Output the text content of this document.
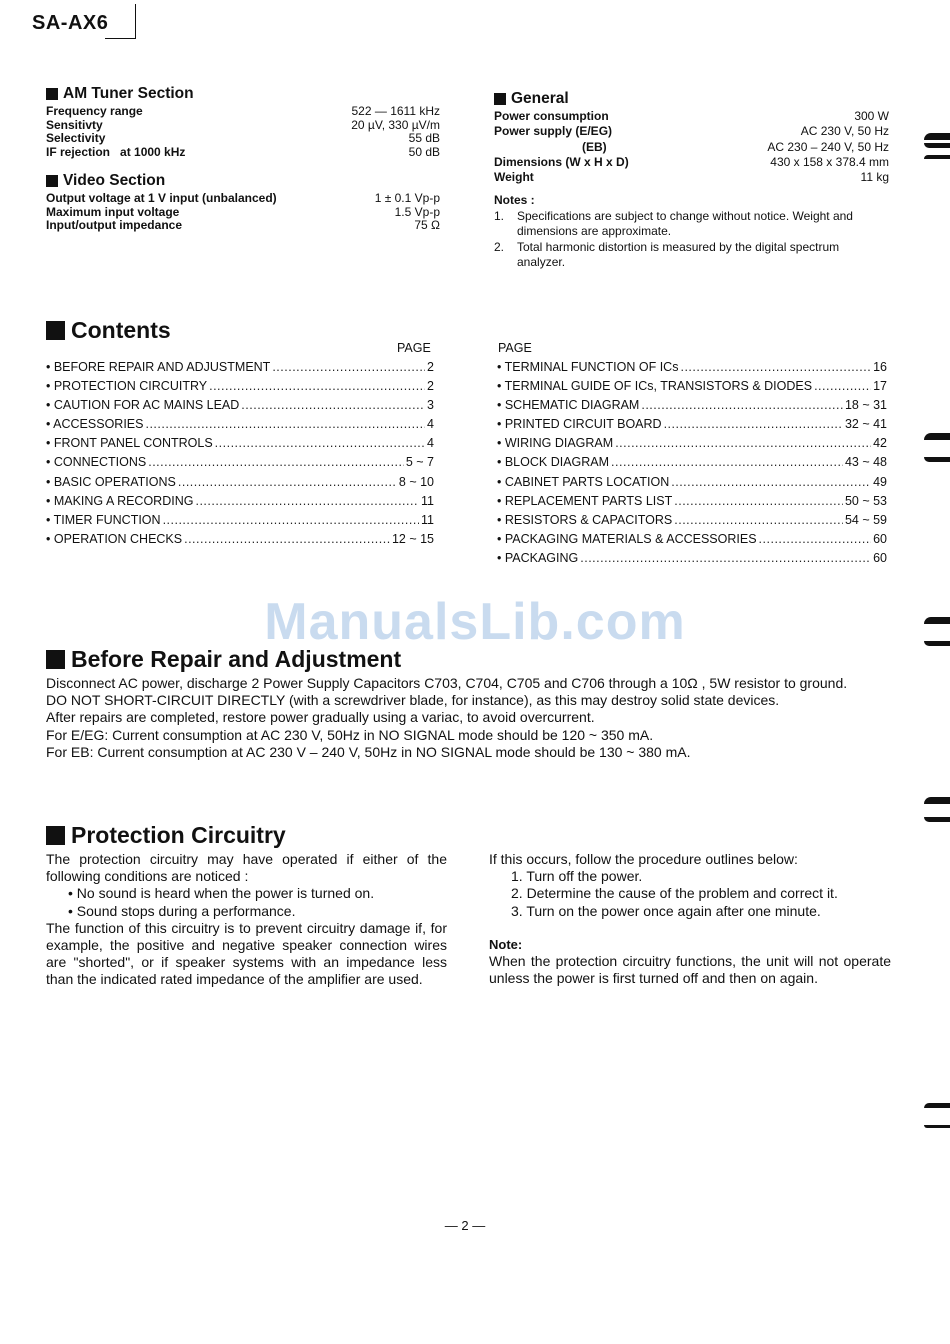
SA-AX6
AM Tuner Section
Frequency range	522 — 1611 kHz
Sensitivty	20 µV, 330 µV/m
Selectivity	55 dB
IF rejection   at 1000 kHz	50 dB
Video Section
Output voltage at 1 V input (unbalanced)	1 ± 0.1 Vp-p
Maximum input voltage	1.5 Vp-p
Input/output impedance	75 Ω
General
Power consumption	300 W
Power supply (E/EG)	AC 230 V, 50 Hz
(EB)	AC 230 – 240 V, 50 Hz
Dimensions (W x H x D)	430 x 158 x 378.4 mm
Weight	11 kg
Notes :
1.	Specifications are subject to change without notice. Weight and dimensions are approximate.
2.	Total harmonic distortion is measured by the digital spectrum analyzer.
Contents
PAGE	PAGE
• BEFORE REPAIR AND ADJUSTMENT .....	2
• PROTECTION CIRCUITRY .....	2
• CAUTION FOR AC MAINS LEAD .....	3
• ACCESSORIES .....	4
• FRONT PANEL CONTROLS .....	4
• CONNECTIONS .....	5 ~ 7
• BASIC OPERATIONS .....	8 ~ 10
• MAKING A RECORDING .....	11
• TIMER FUNCTION .....	11
• OPERATION CHECKS .....	12 ~ 15
• TERMINAL FUNCTION OF ICs .....	16
• TERMINAL GUIDE OF ICs, TRANSISTORS & DIODES .....	17
• SCHEMATIC DIAGRAM .....	18 ~ 31
• PRINTED CIRCUIT BOARD .....	32 ~ 41
• WIRING DIAGRAM .....	42
• BLOCK DIAGRAM .....	43 ~ 48
• CABINET PARTS LOCATION .....	49
• REPLACEMENT PARTS LIST .....	50 ~ 53
• RESISTORS & CAPACITORS .....	54 ~ 59
• PACKAGING MATERIALS & ACCESSORIES .....	60
• PACKAGING .....	60
ManualsLib.com
Before Repair and Adjustment

Disconnect AC power, discharge 2 Power Supply Capacitors C703, C704, C705 and C706 through a 10Ω , 5W resistor to ground.

DO NOT SHORT-CIRCUIT DIRECTLY (with a screwdriver blade, for instance), as this may destroy solid state devices.

After repairs are completed, restore power gradually using a variac, to avoid overcurrent.

For E/EG: Current consumption at AC 230 V, 50Hz in NO SIGNAL mode should be 120 ~ 350 mA.

For EB: Current consumption at AC 230 V – 240 V, 50Hz in NO SIGNAL mode should be 130 ~ 380 mA.

Protection Circuitry

The protection circuitry may have operated if either of the following conditions are noticed :

• No sound is heard when the power is turned on.

• Sound stops during a performance.

The function of this circuitry is to prevent circuitry damage if, for example, the positive and negative speaker connection wires are "shorted", or if speaker systems with an impedance less than the indicated rated impedance of the amplifier are used.

If this occurs, follow the procedure outlines below:

1. Turn off the power.

2. Determine the cause of the problem and correct it.

3. Turn on the power once again after one minute.

Note:

When the protection circuitry functions, the unit will not operate unless the power is first turned off and then on again.

— 2 —
